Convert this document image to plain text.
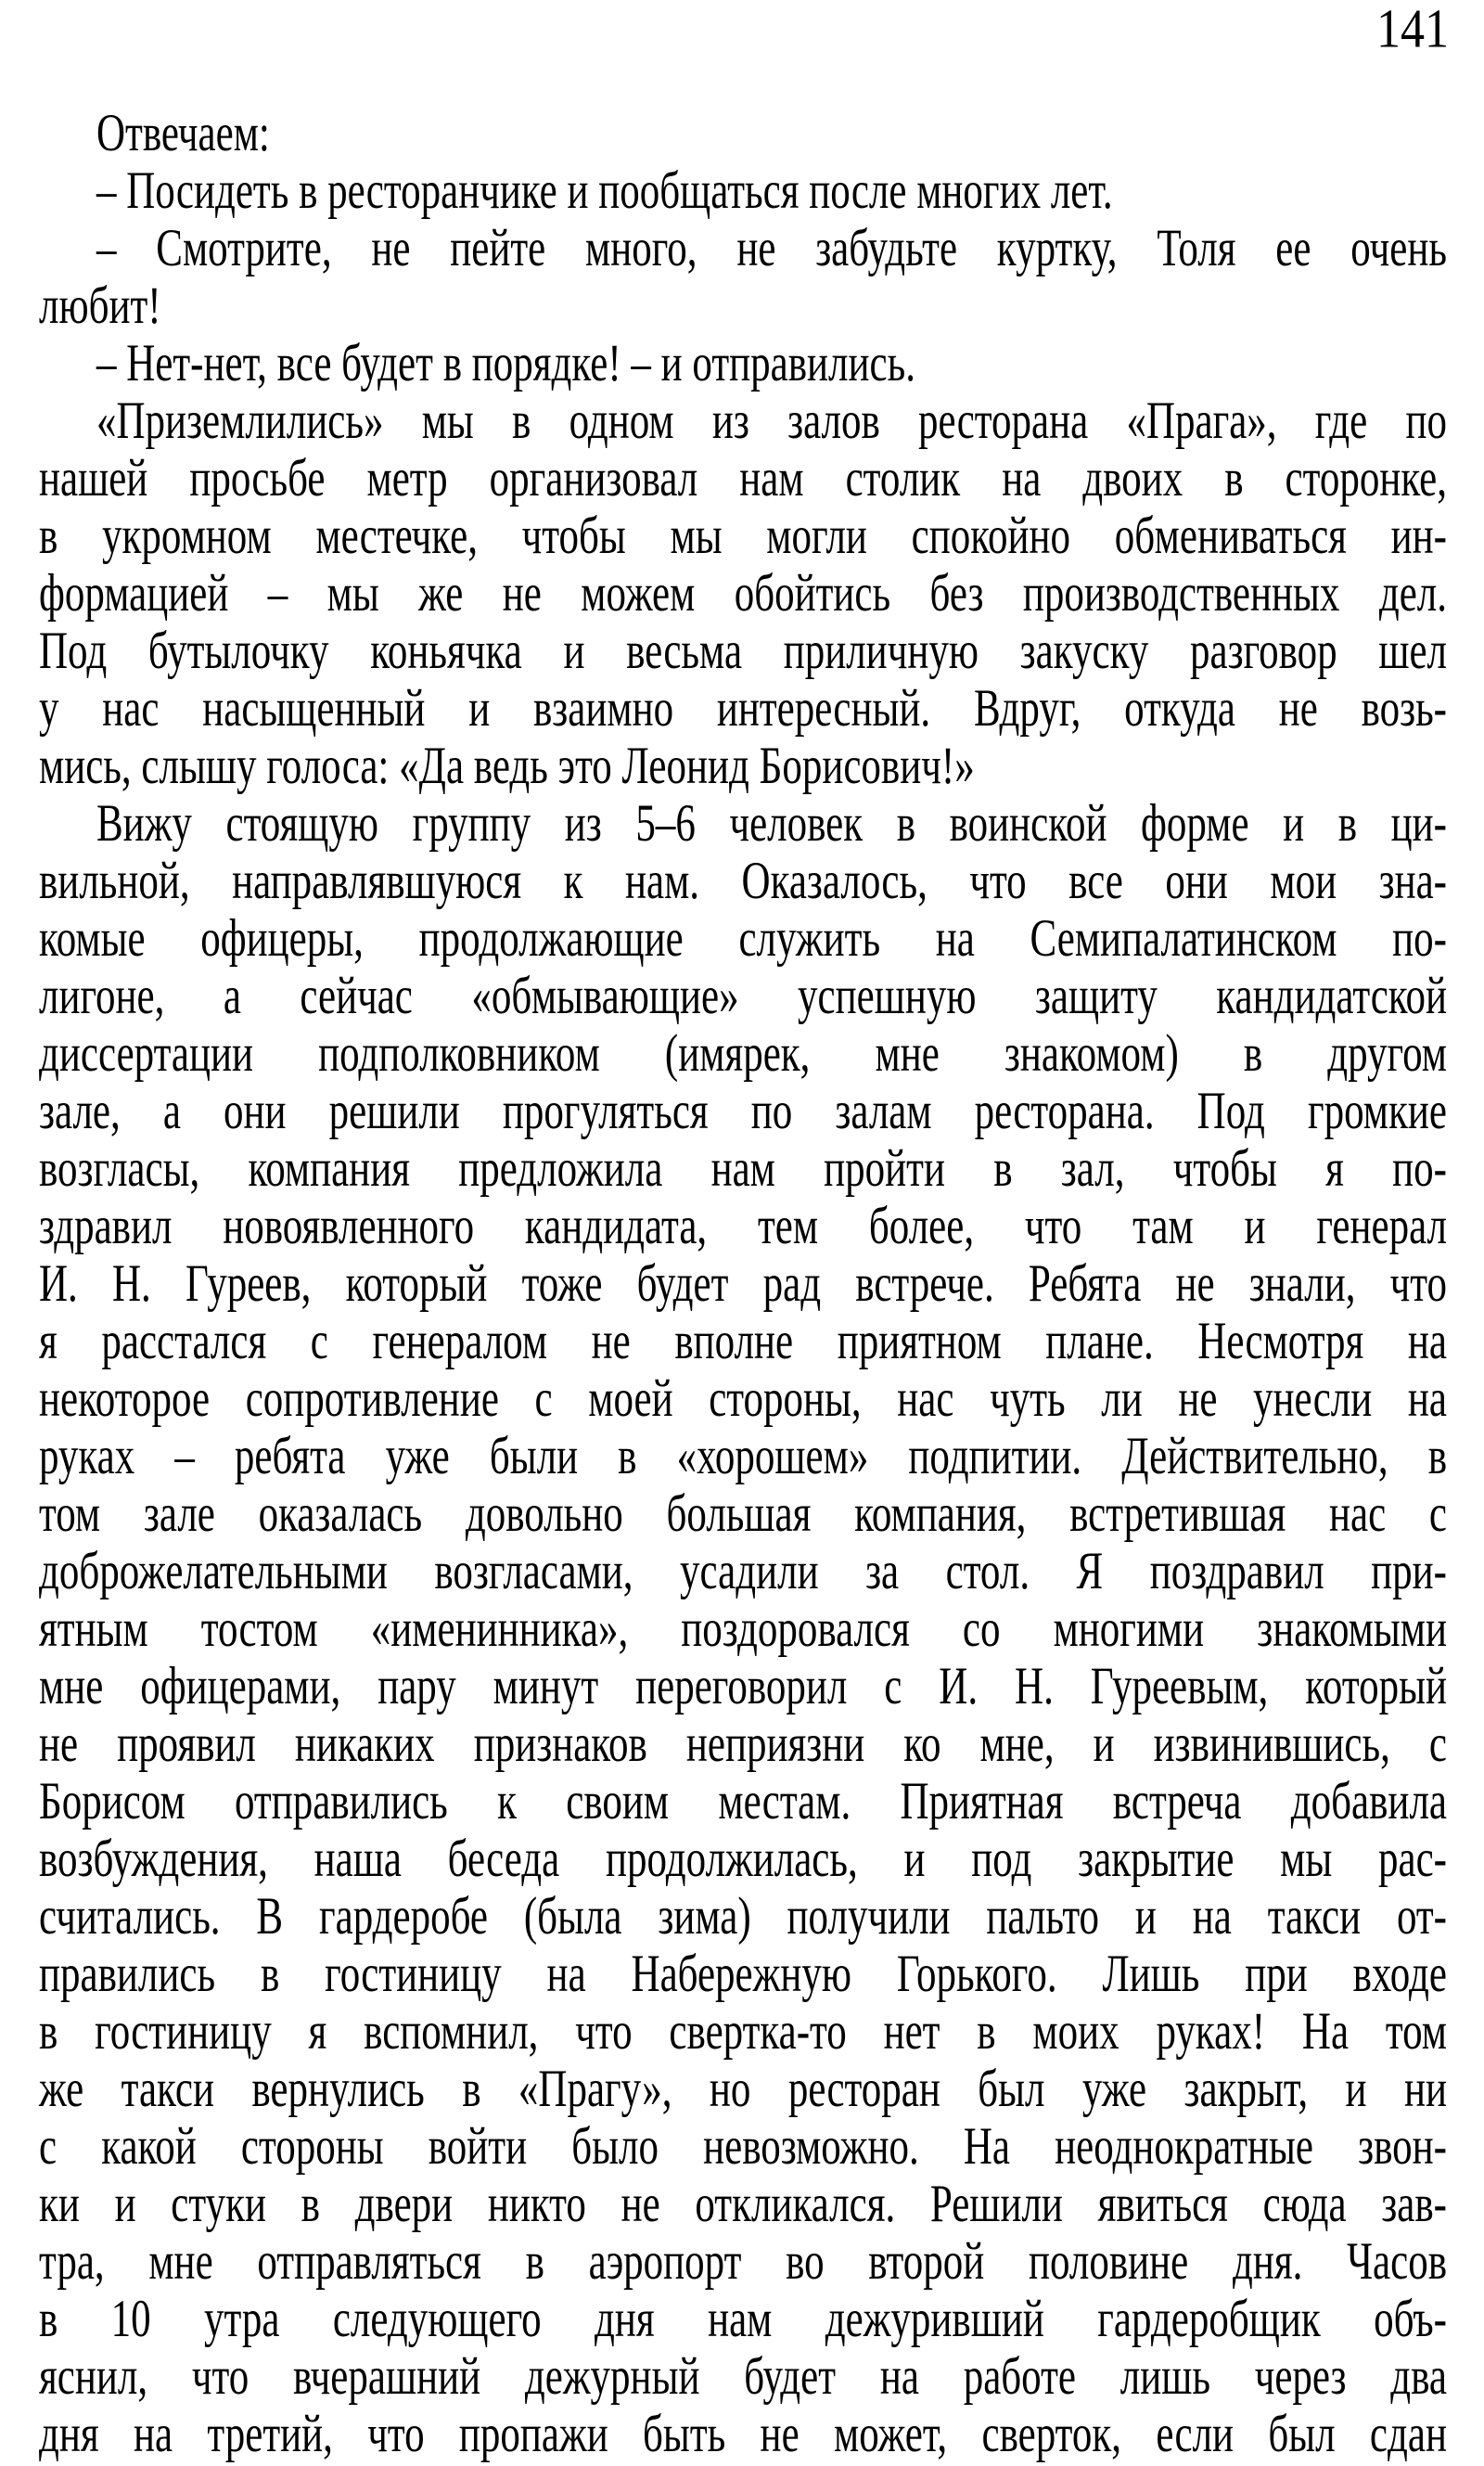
141
Отвечаем:
– Посидеть в ресторанчике и пообщаться после многих лет.
– Смотрите, не пейте много, не забудьте куртку, Толя ее очень
любит!
– Нет-нет, все будет в порядке! – и отправились.
«Приземлились» мы в одном из залов ресторана «Прага», где по
нашей просьбе метр организовал нам столик на двоих в сторонке,
в укромном местечке, чтобы мы могли спокойно обмениваться ин-
формацией – мы же не можем обойтись без производственных дел.
Под бутылочку коньячка и весьма приличную закуску разговор шел
у нас насыщенный и взаимно интересный. Вдруг, откуда не возь-
мись, слышу голоса: «Да ведь это Леонид Борисович!»
Вижу стоящую группу из 5–6 человек в воинской форме и в ци-
вильной, направлявшуюся к нам. Оказалось, что все они мои зна-
комые офицеры, продолжающие служить на Семипалатинском по-
лигоне, а сейчас «обмывающие» успешную защиту кандидатской
диссертации подполковником (имярек, мне знакомом) в другом
зале, а они решили прогуляться по залам ресторана. Под громкие
возгласы, компания предложила нам пройти в зал, чтобы я по-
здравил новоявленного кандидата, тем более, что там и генерал
И. Н. Гуреев, который тоже будет рад встрече. Ребята не знали, что
я расстался с генералом не вполне приятном плане. Несмотря на
некоторое сопротивление с моей стороны, нас чуть ли не унесли на
руках – ребята уже были в «хорошем» подпитии. Действительно, в
том зале оказалась довольно большая компания, встретившая нас с
доброжелательными возгласами, усадили за стол. Я поздравил при-
ятным тостом «именинника», поздоровался со многими знакомыми
мне офицерами, пару минут переговорил с И. Н. Гуреевым, который
не проявил никаких признаков неприязни ко мне, и извинившись, с
Борисом отправились к своим местам. Приятная встреча добавила
возбуждения, наша беседа продолжилась, и под закрытие мы рас-
считались. В гардеробе (была зима) получили пальто и на такси от-
правились в гостиницу на Набережную Горького. Лишь при входе
в гостиницу я вспомнил, что свертка-то нет в моих руках! На том
же такси вернулись в «Прагу», но ресторан был уже закрыт, и ни
с какой стороны войти было невозможно. На неоднократные звон-
ки и стуки в двери никто не откликался. Решили явиться сюда зав-
тра, мне отправляться в аэропорт во второй половине дня. Часов
в 10 утра следующего дня нам дежуривший гардеробщик объ-
яснил, что вчерашний дежурный будет на работе лишь через два
дня на третий, что пропажи быть не может, сверток, если был сдан
